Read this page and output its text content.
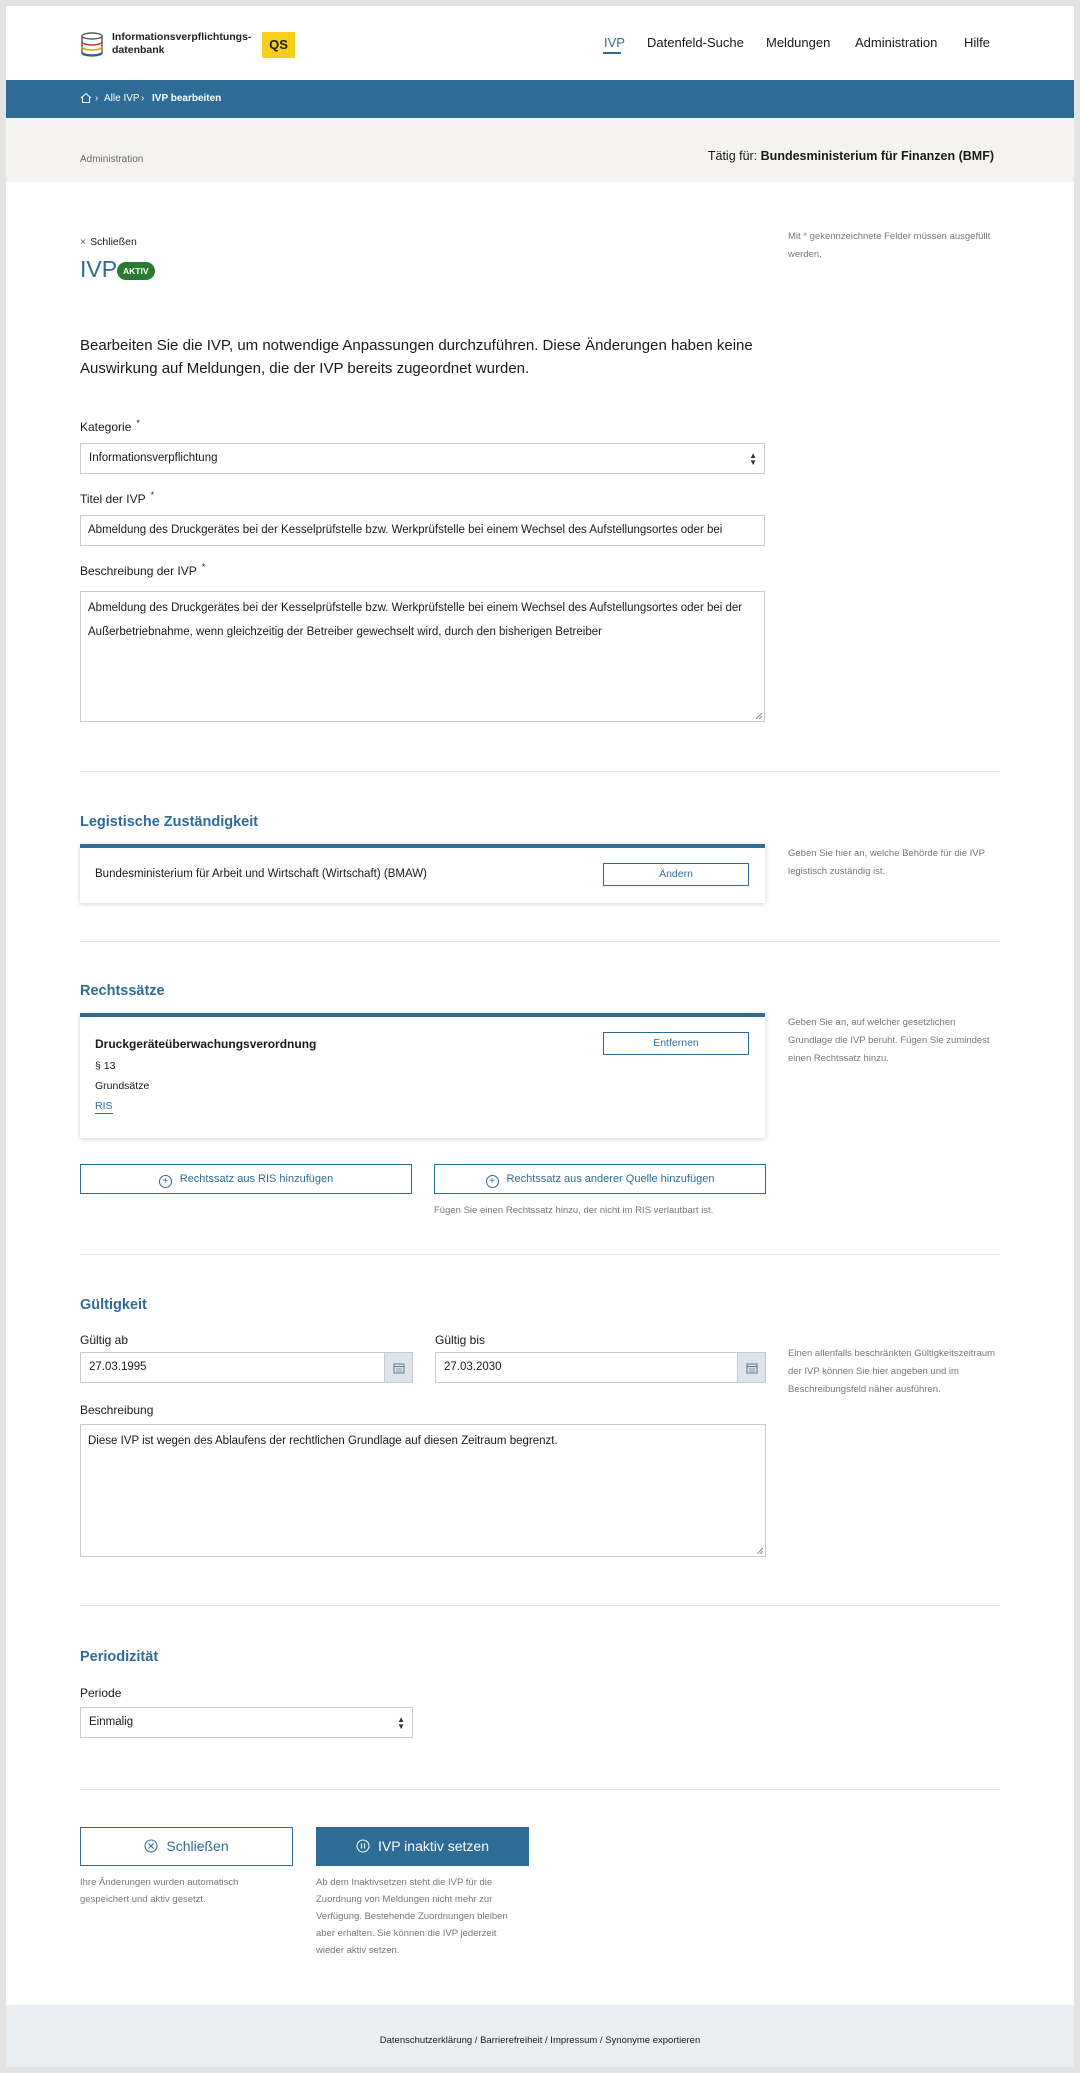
Informationsverpflichtungs-datenbank	QS	IVP Datenfeld-Suche Meldungen Administration Hilfe
› Alle IVP › IVP bearbeiten
Administration	Tätig für: Bundesministerium für Finanzen (BMF)
× Schließen
IVP AKTIV
Mit * gekennzeichnete Felder müssen ausgefüllt werden.
Bearbeiten Sie die IVP, um notwendige Anpassungen durchzuführen. Diese Änderungen haben keine Auswirkung auf Meldungen, die der IVP bereits zugeordnet wurden.
Kategorie *
Informationsverpflichtung	▲
▼
Titel der IVP *
Abmeldung des Druckgerätes bei der Kesselprüfstelle bzw. Werkprüfstelle bei einem Wechsel des Aufstellungsortes oder bei
Beschreibung der IVP *
Abmeldung des Druckgerätes bei der Kesselprüfstelle bzw. Werkprüfstelle bei einem Wechsel des Aufstellungsortes oder bei der Außerbetriebnahme, wenn gleichzeitig der Betreiber gewechselt wird, durch den bisherigen Betreiber
Legistische Zuständigkeit
Bundesministerium für Arbeit und Wirtschaft (Wirtschaft) (BMAW)	Ändern
Geben Sie hier an, welche Behörde für die IVP legistisch zuständig ist.
Rechtssätze
Druckgeräteüberwachungsverordnung
§ 13
Grundsätze
RIS
Entfernen
Geben Sie an, auf welcher gesetzlichen Grundlage die IVP beruht. Fügen Sie zumindest einen Rechtssatz hinzu.
+ Rechtssatz aus RIS hinzufügen	+ Rechtssatz aus anderer Quelle hinzufügen
Fügen Sie einen Rechtssatz hinzu, der nicht im RIS verlautbart ist.
Gültigkeit
Gültig ab
27.03.1995
Gültig bis
27.03.2030
Einen allenfalls beschränkten Gültigkeitszeitraum der IVP können Sie hier angeben und im Beschreibungsfeld näher ausführen.
Beschreibung
Diese IVP ist wegen des Ablaufens der rechtlichen Grundlage auf diesen Zeitraum begrenzt.
Periodizität
Periode
Einmalig	▲
▼
Schließen
Ihre Änderungen wurden automatisch gespeichert und aktiv gesetzt.
IVP inaktiv setzen
Ab dem Inaktivsetzen steht die IVP für die Zuordnung von Meldungen nicht mehr zur Verfügung. Bestehende Zuordnungen bleiben aber erhalten. Sie können die IVP jederzeit wieder aktiv setzen.
Datenschutzerklärung / Barrierefreiheit / Impressum / Synonyme exportieren
